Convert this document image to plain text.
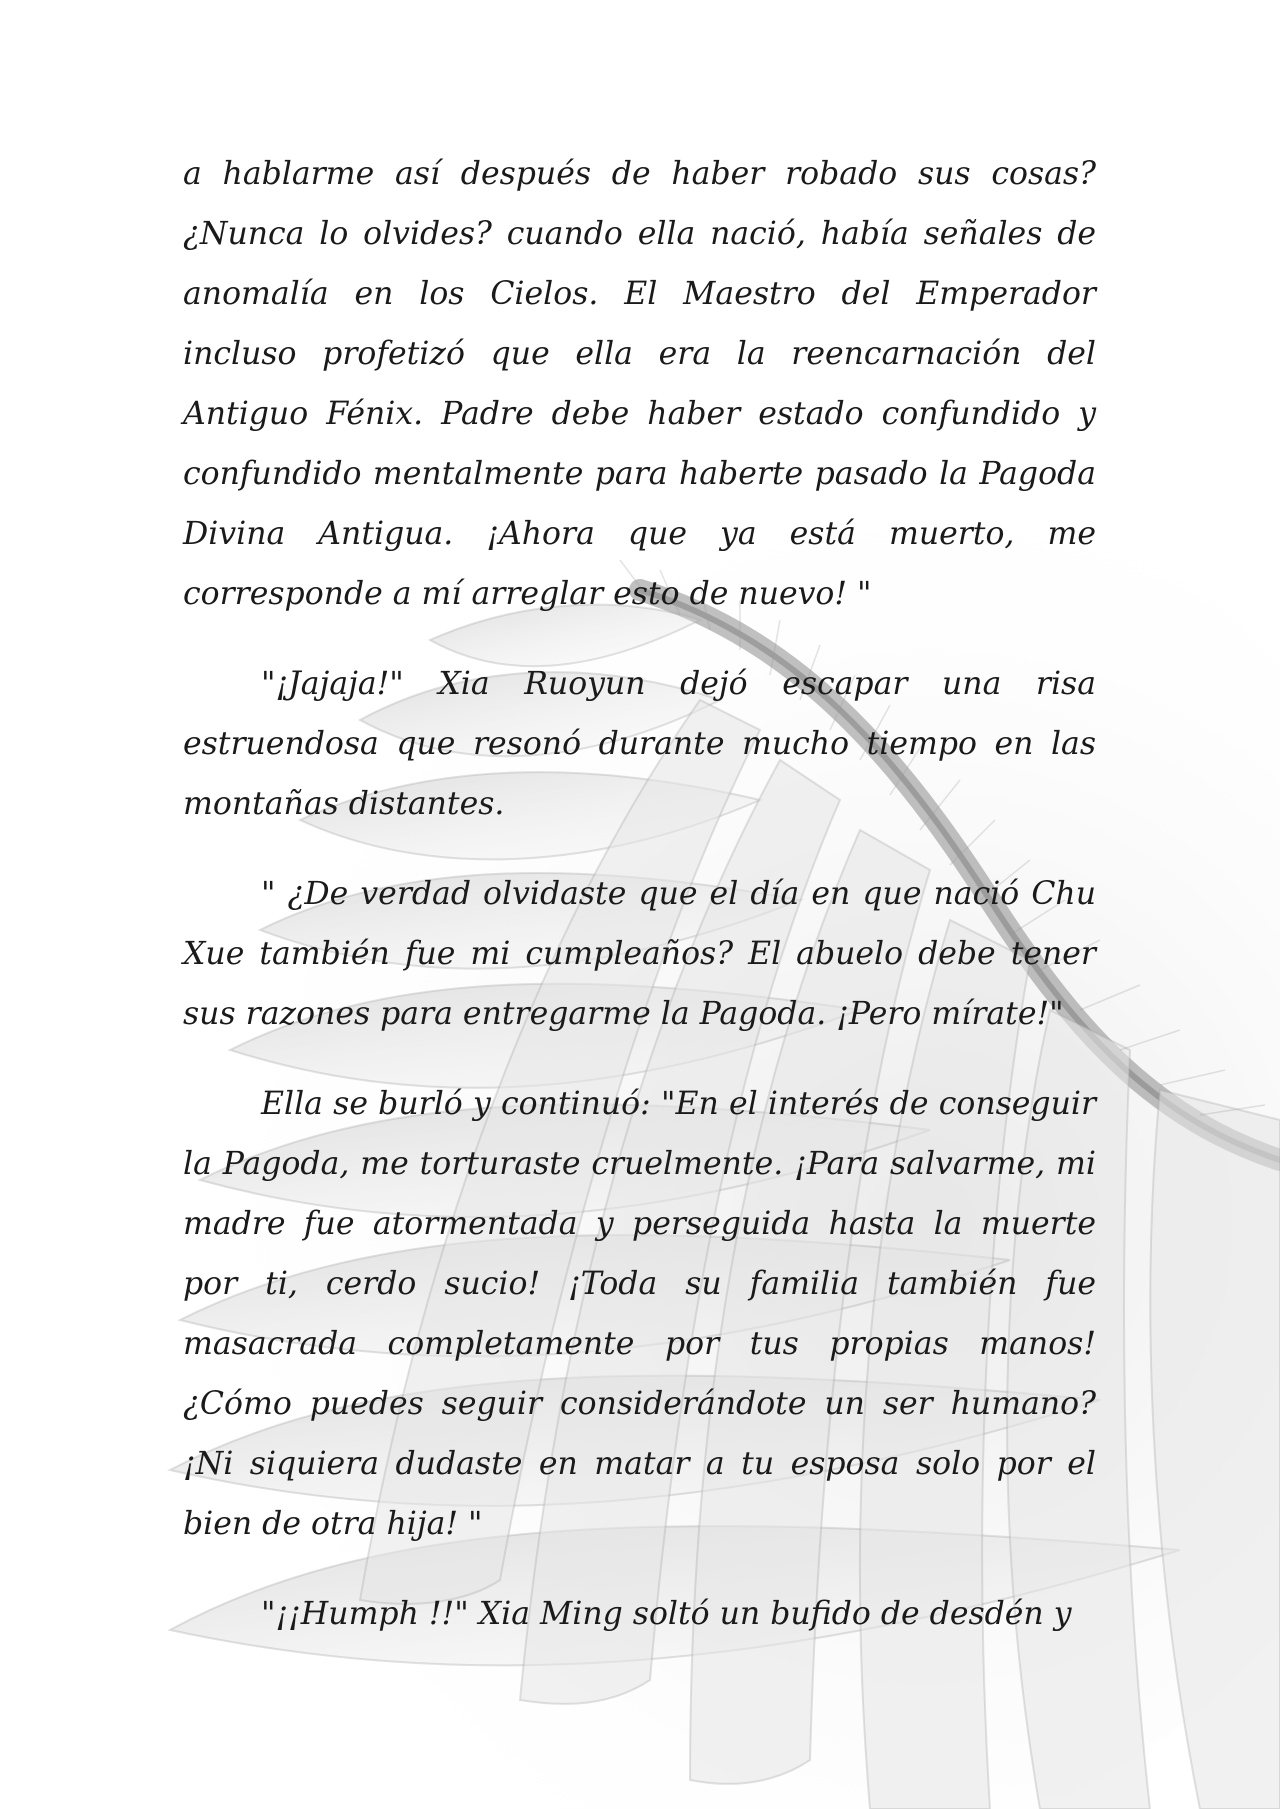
a hablarme así después de haber robado sus cosas? ¿Nunca lo olvides? cuando ella nació, había señales de anomalía en los Cielos. El Maestro del Emperador incluso profetizó que ella era la reencarnación del Antiguo Fénix. Padre debe haber estado confundido y confundido mentalmente para haberte pasado la Pagoda Divina Antigua. ¡Ahora que ya está muerto, me corresponde a mí arreglar esto de nuevo! "

"¡Jajaja!" Xia Ruoyun dejó escapar una risa estruendosa que resonó durante mucho tiempo en las montañas distantes.

" ¿De verdad olvidaste que el día en que nació Chu Xue también fue mi cumpleaños? El abuelo debe tener sus razones para entregarme la Pagoda. ¡Pero mírate!"

Ella se burló y continuó: "En el interés de conseguir la Pagoda, me torturaste cruelmente. ¡Para salvarme, mi madre fue atormentada y perseguida hasta la muerte por ti, cerdo sucio! ¡Toda su familia también fue masacrada completamente por tus propias manos! ¿Cómo puedes seguir considerándote un ser humano? ¡Ni siquiera dudaste en matar a tu esposa solo por el bien de otra hija! "

"¡¡Humph !!" Xia Ming soltó un bufido de desdén y
